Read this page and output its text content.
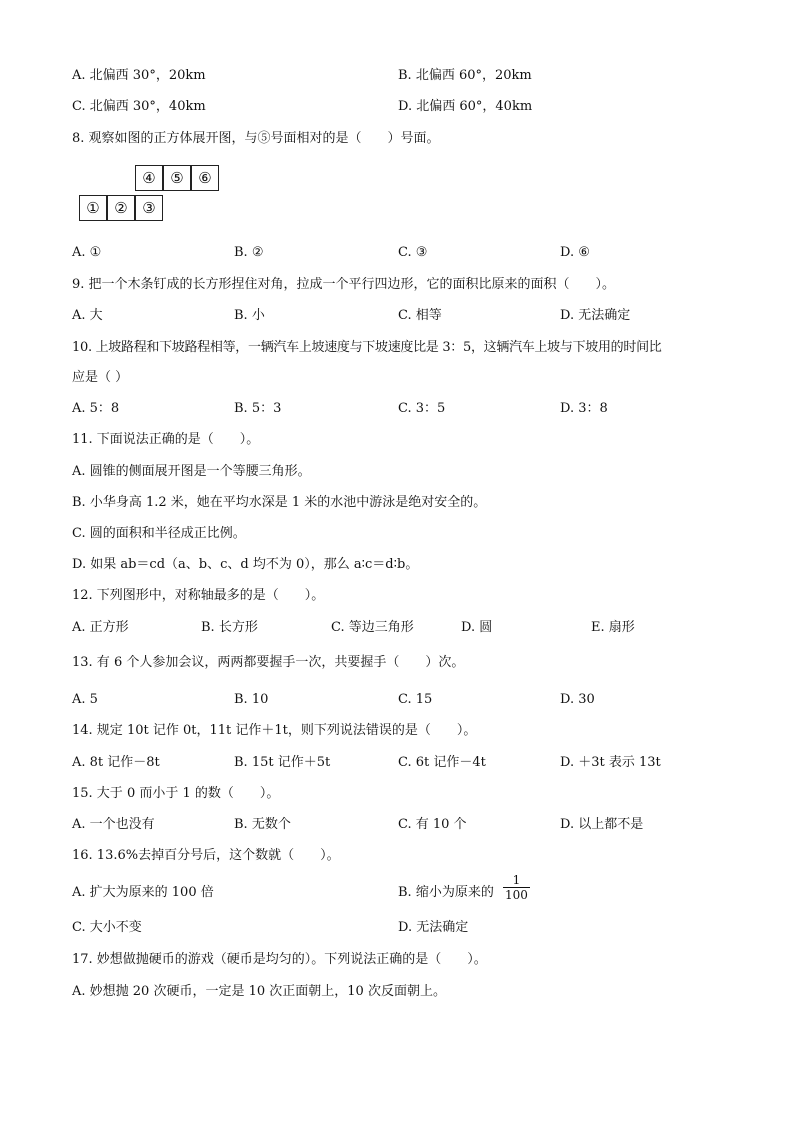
A. 北偏西 30°，20km	B. 北偏西 60°，20km
C. 北偏西 30°，40km	D. 北偏西 60°，40km
8. 观察如图的正方体展开图，与⑤号面相对的是（　　）号面。
④ ⑤ ⑥
① ② ③
A. ①	B. ②	C. ③	D. ⑥
9. 把一个木条钉成的长方形捏住对角，拉成一个平行四边形，它的面积比原来的面积（　　）。
A. 大	B. 小	C. 相等	D. 无法确定
10. 上坡路程和下坡路程相等，一辆汽车上坡速度与下坡速度比是 3：5，这辆汽车上坡与下坡用的时间比
应是（ ）
A. 5：8	B. 5：3	C. 3：5	D. 3：8
11. 下面说法正确的是（　　）。
A. 圆锥的侧面展开图是一个等腰三角形。
B. 小华身高 1.2 米，她在平均水深是 1 米的水池中游泳是绝对安全的。
C. 圆的面积和半径成正比例。
D. 如果 ab＝cd（a、b、c、d 均不为 0），那么 a∶c＝d∶b。
12. 下列图形中，对称轴最多的是（　　）。
A. 正方形	B. 长方形	C. 等边三角形	D. 圆	E. 扇形
13. 有 6 个人参加会议，两两都要握手一次，共要握手（　　）次。
A. 5	B. 10	C. 15	D. 30
14. 规定 10t 记作 0t，11t 记作＋1t，则下列说法错误的是（　　）。
A. 8t 记作－8t	B. 15t 记作＋5t	C. 6t 记作－4t	D. ＋3t 表示 13t
15. 大于 0 而小于 1 的数（　　）。
A. 一个也没有	B. 无数个	C. 有 10 个	D. 以上都不是
16. 13.6%去掉百分号后，这个数就（　　）。
A. 扩大为原来的 100 倍	B. 缩小为原来的 $\frac{1}{100}$
C. 大小不变	D. 无法确定
17. 妙想做抛硬币的游戏（硬币是均匀的）。下列说法正确的是（　　）。
A. 妙想抛 20 次硬币，一定是 10 次正面朝上，10 次反面朝上。
